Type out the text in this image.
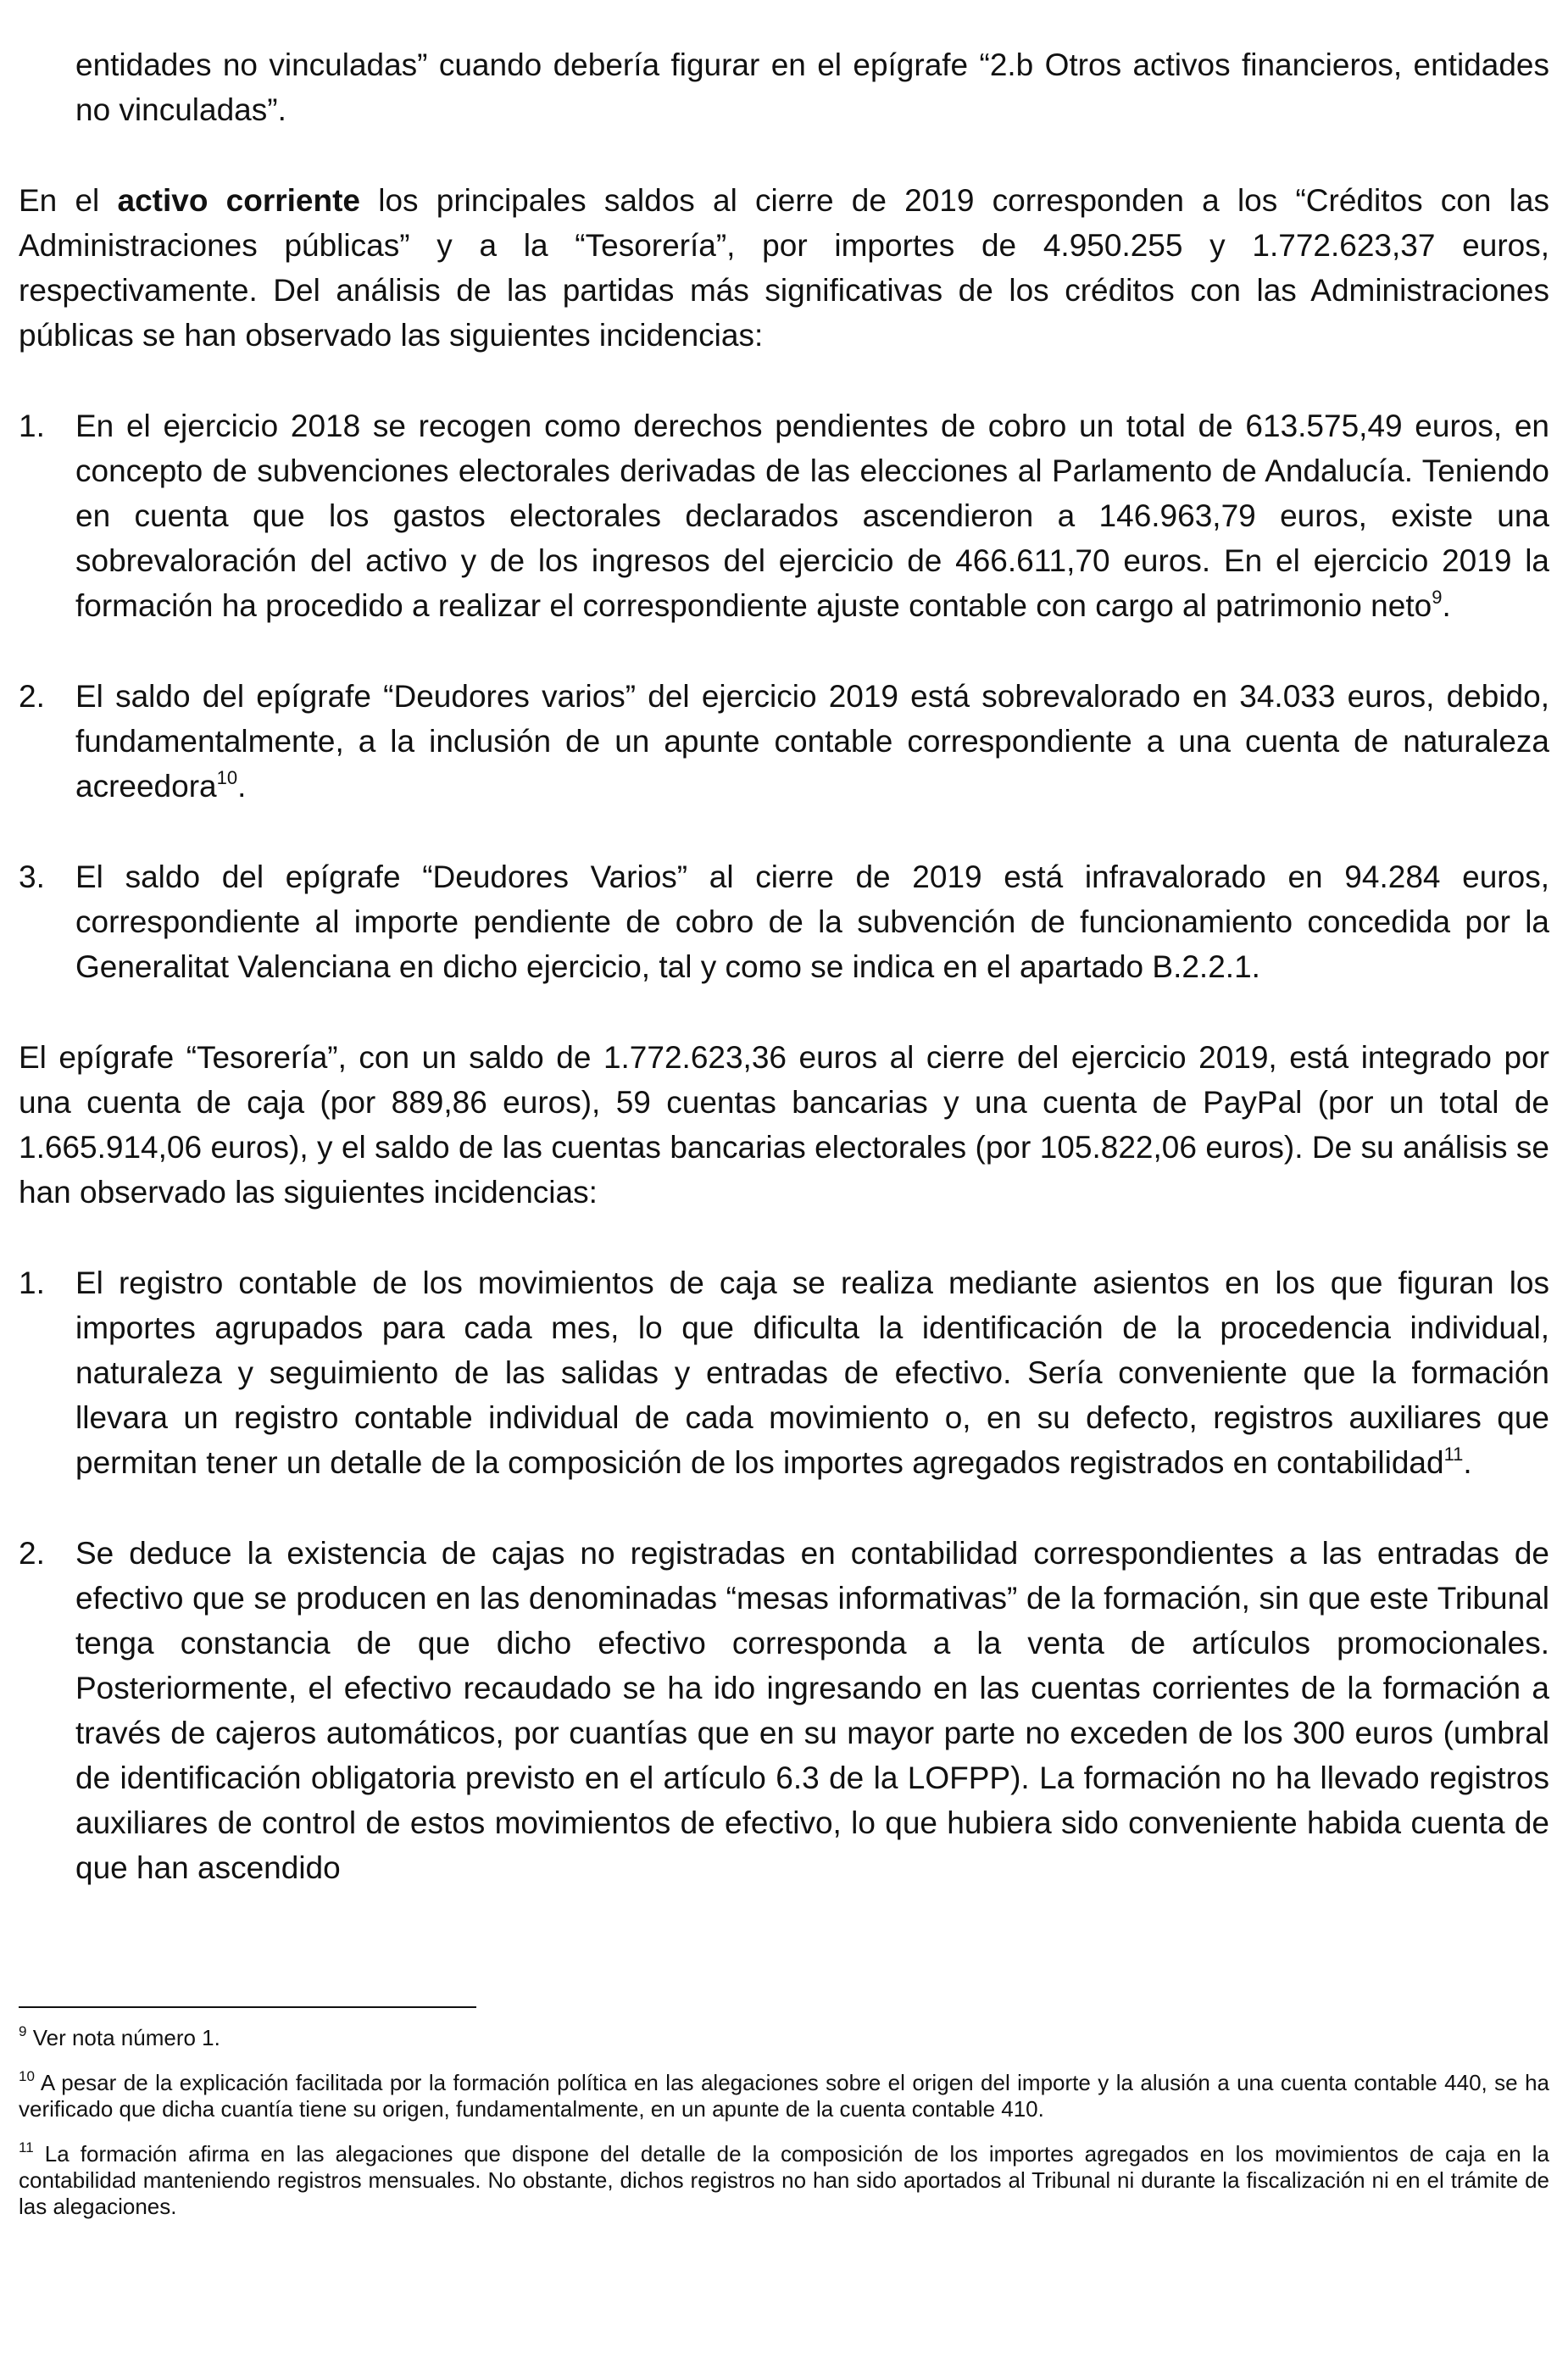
entidades no vinculadas” cuando debería figurar en el epígrafe “2.b Otros activos financieros, entidades no vinculadas”.

En el activo corriente los principales saldos al cierre de 2019 corresponden a los “Créditos con las Administraciones públicas” y a la “Tesorería”, por importes de 4.950.255 y 1.772.623,37 euros, respectivamente. Del análisis de las partidas más significativas de los créditos con las Administraciones públicas se han observado las siguientes incidencias:

1. En el ejercicio 2018 se recogen como derechos pendientes de cobro un total de 613.575,49 euros, en concepto de subvenciones electorales derivadas de las elecciones al Parlamento de Andalucía. Teniendo en cuenta que los gastos electorales declarados ascendieron a 146.963,79 euros, existe una sobrevaloración del activo y de los ingresos del ejercicio de 466.611,70 euros. En el ejercicio 2019 la formación ha procedido a realizar el correspondiente ajuste contable con cargo al patrimonio neto$^9$.
2. El saldo del epígrafe “Deudores varios” del ejercicio 2019 está sobrevalorado en 34.033 euros, debido, fundamentalmente, a la inclusión de un apunte contable correspondiente a una cuenta de naturaleza acreedora$^{10}$.
3. El saldo del epígrafe “Deudores Varios” al cierre de 2019 está infravalorado en 94.284 euros, correspondiente al importe pendiente de cobro de la subvención de funcionamiento concedida por la Generalitat Valenciana en dicho ejercicio, tal y como se indica en el apartado B.2.2.1.

El epígrafe “Tesorería”, con un saldo de 1.772.623,36 euros al cierre del ejercicio 2019, está integrado por una cuenta de caja (por 889,86 euros), 59 cuentas bancarias y una cuenta de PayPal (por un total de 1.665.914,06 euros), y el saldo de las cuentas bancarias electorales (por 105.822,06 euros). De su análisis se han observado las siguientes incidencias:

1. El registro contable de los movimientos de caja se realiza mediante asientos en los que figuran los importes agrupados para cada mes, lo que dificulta la identificación de la procedencia individual, naturaleza y seguimiento de las salidas y entradas de efectivo. Sería conveniente que la formación llevara un registro contable individual de cada movimiento o, en su defecto, registros auxiliares que permitan tener un detalle de la composición de los importes agregados registrados en contabilidad$^{11}$.
2. Se deduce la existencia de cajas no registradas en contabilidad correspondientes a las entradas de efectivo que se producen en las denominadas “mesas informativas” de la formación, sin que este Tribunal tenga constancia de que dicho efectivo corresponda a la venta de artículos promocionales. Posteriormente, el efectivo recaudado se ha ido ingresando en las cuentas corrientes de la formación a través de cajeros automáticos, por cuantías que en su mayor parte no exceden de los 300 euros (umbral de identificación obligatoria previsto en el artículo 6.3 de la LOFPP). La formación no ha llevado registros auxiliares de control de estos movimientos de efectivo, lo que hubiera sido conveniente habida cuenta de que han ascendido

$^9$ Ver nota número 1.

$^{10}$ A pesar de la explicación facilitada por la formación política en las alegaciones sobre el origen del importe y la alusión a una cuenta contable 440, se ha verificado que dicha cuantía tiene su origen, fundamentalmente, en un apunte de la cuenta contable 410.

$^{11}$ La formación afirma en las alegaciones que dispone del detalle de la composición de los importes agregados en los movimientos de caja en la contabilidad manteniendo registros mensuales. No obstante, dichos registros no han sido aportados al Tribunal ni durante la fiscalización ni en el trámite de las alegaciones.
